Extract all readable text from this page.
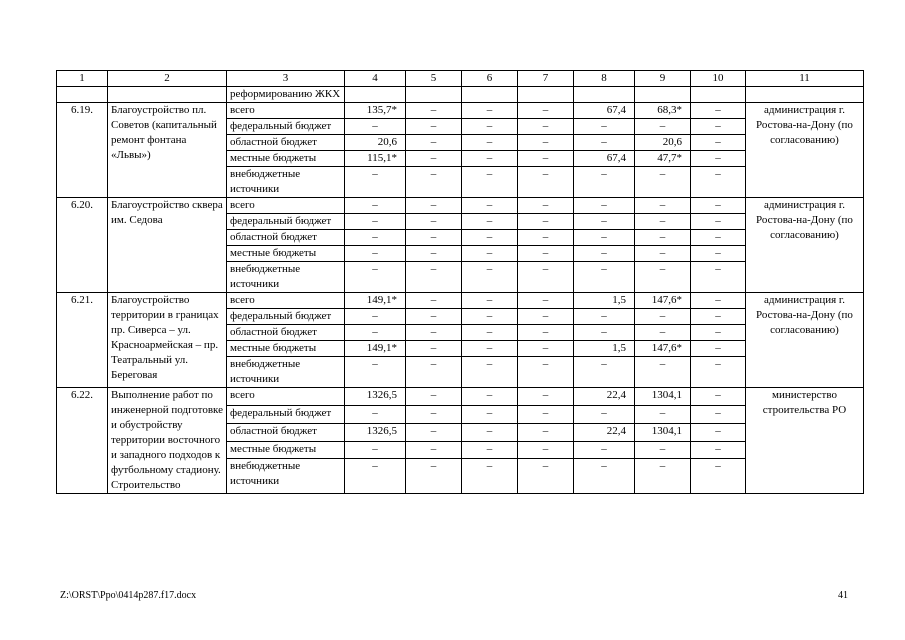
1	2	3	4	5	6	7	8	9	10	11
		реформированию ЖКХ								
6.19.	Благоустройство пл. Советов (капитальный ремонт фонтана «Львы»)	всего	135,7*	–	–	–	67,4	68,3*	–	администрация г. Ростова-на-Дону (по согласованию)
		федеральный бюджет	–	–	–	–	–	–	–	
		областной бюджет	20,6	–	–	–	–	20,6	–	
		местные бюджеты	115,1*	–	–	–	67,4	47,7*	–	
		внебюджетные источники	–	–	–	–	–	–	–	
6.20.	Благоустройство сквера им. Седова	всего	–	–	–	–	–	–	–	администрация г. Ростова-на-Дону (по согласованию)
		федеральный бюджет	–	–	–	–	–	–	–	
		областной бюджет	–	–	–	–	–	–	–	
		местные бюджеты	–	–	–	–	–	–	–	
		внебюджетные источники	–	–	–	–	–	–	–	
6.21.	Благоустройство территории в границах пр. Сиверса – ул. Красноармейская – пр. Театральный ул. Береговая	всего	149,1*	–	–	–	1,5	147,6*	–	администрация г. Ростова-на-Дону (по согласованию)
		федеральный бюджет	–	–	–	–	–	–	–	
		областной бюджет	–	–	–	–	–	–	–	
		местные бюджеты	149,1*	–	–	–	1,5	147,6*	–	
		внебюджетные источники	–	–	–	–	–	–	–	
6.22.	Выполнение работ по инженерной подготовке и обустройству территории восточного и западного подходов к футбольному стадиону. Строительство	всего	1326,5	–	–	–	22,4	1304,1	–	министерство строительства РО
		федеральный бюджет	–	–	–	–	–	–	–	
		областной бюджет	1326,5	–	–	–	22,4	1304,1	–	
		местные бюджеты	–	–	–	–	–	–	–	
		внебюджетные источники	–	–	–	–	–	–	–	
Z:\ORST\Ppo\0414p287.f17.docx	41
